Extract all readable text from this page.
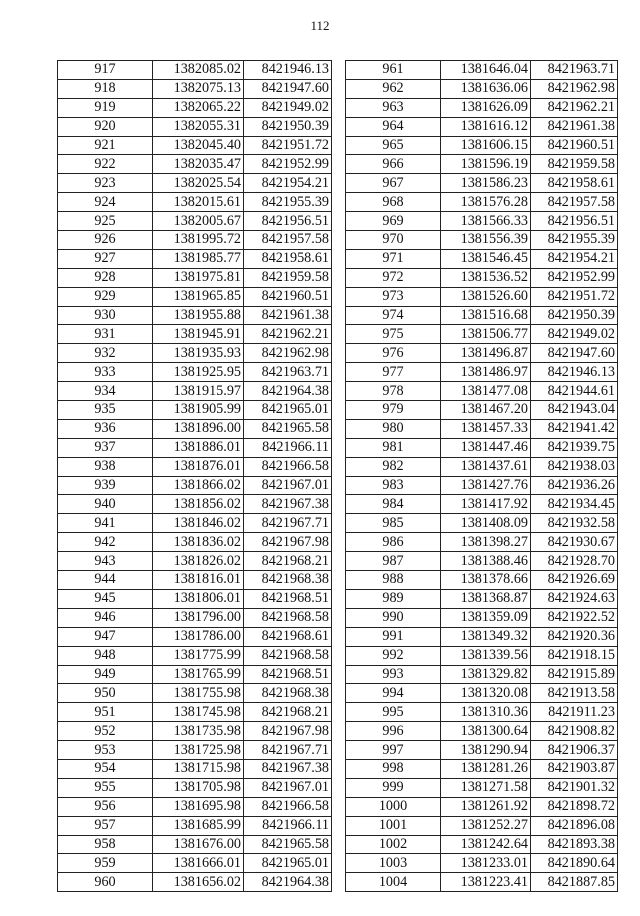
112
917	1382085.02	8421946.13
918	1382075.13	8421947.60
919	1382065.22	8421949.02
920	1382055.31	8421950.39
921	1382045.40	8421951.72
922	1382035.47	8421952.99
923	1382025.54	8421954.21
924	1382015.61	8421955.39
925	1382005.67	8421956.51
926	1381995.72	8421957.58
927	1381985.77	8421958.61
928	1381975.81	8421959.58
929	1381965.85	8421960.51
930	1381955.88	8421961.38
931	1381945.91	8421962.21
932	1381935.93	8421962.98
933	1381925.95	8421963.71
934	1381915.97	8421964.38
935	1381905.99	8421965.01
936	1381896.00	8421965.58
937	1381886.01	8421966.11
938	1381876.01	8421966.58
939	1381866.02	8421967.01
940	1381856.02	8421967.38
941	1381846.02	8421967.71
942	1381836.02	8421967.98
943	1381826.02	8421968.21
944	1381816.01	8421968.38
945	1381806.01	8421968.51
946	1381796.00	8421968.58
947	1381786.00	8421968.61
948	1381775.99	8421968.58
949	1381765.99	8421968.51
950	1381755.98	8421968.38
951	1381745.98	8421968.21
952	1381735.98	8421967.98
953	1381725.98	8421967.71
954	1381715.98	8421967.38
955	1381705.98	8421967.01
956	1381695.98	8421966.58
957	1381685.99	8421966.11
958	1381676.00	8421965.58
959	1381666.01	8421965.01
960	1381656.02	8421964.38
961	1381646.04	8421963.71
962	1381636.06	8421962.98
963	1381626.09	8421962.21
964	1381616.12	8421961.38
965	1381606.15	8421960.51
966	1381596.19	8421959.58
967	1381586.23	8421958.61
968	1381576.28	8421957.58
969	1381566.33	8421956.51
970	1381556.39	8421955.39
971	1381546.45	8421954.21
972	1381536.52	8421952.99
973	1381526.60	8421951.72
974	1381516.68	8421950.39
975	1381506.77	8421949.02
976	1381496.87	8421947.60
977	1381486.97	8421946.13
978	1381477.08	8421944.61
979	1381467.20	8421943.04
980	1381457.33	8421941.42
981	1381447.46	8421939.75
982	1381437.61	8421938.03
983	1381427.76	8421936.26
984	1381417.92	8421934.45
985	1381408.09	8421932.58
986	1381398.27	8421930.67
987	1381388.46	8421928.70
988	1381378.66	8421926.69
989	1381368.87	8421924.63
990	1381359.09	8421922.52
991	1381349.32	8421920.36
992	1381339.56	8421918.15
993	1381329.82	8421915.89
994	1381320.08	8421913.58
995	1381310.36	8421911.23
996	1381300.64	8421908.82
997	1381290.94	8421906.37
998	1381281.26	8421903.87
999	1381271.58	8421901.32
1000	1381261.92	8421898.72
1001	1381252.27	8421896.08
1002	1381242.64	8421893.38
1003	1381233.01	8421890.64
1004	1381223.41	8421887.85
